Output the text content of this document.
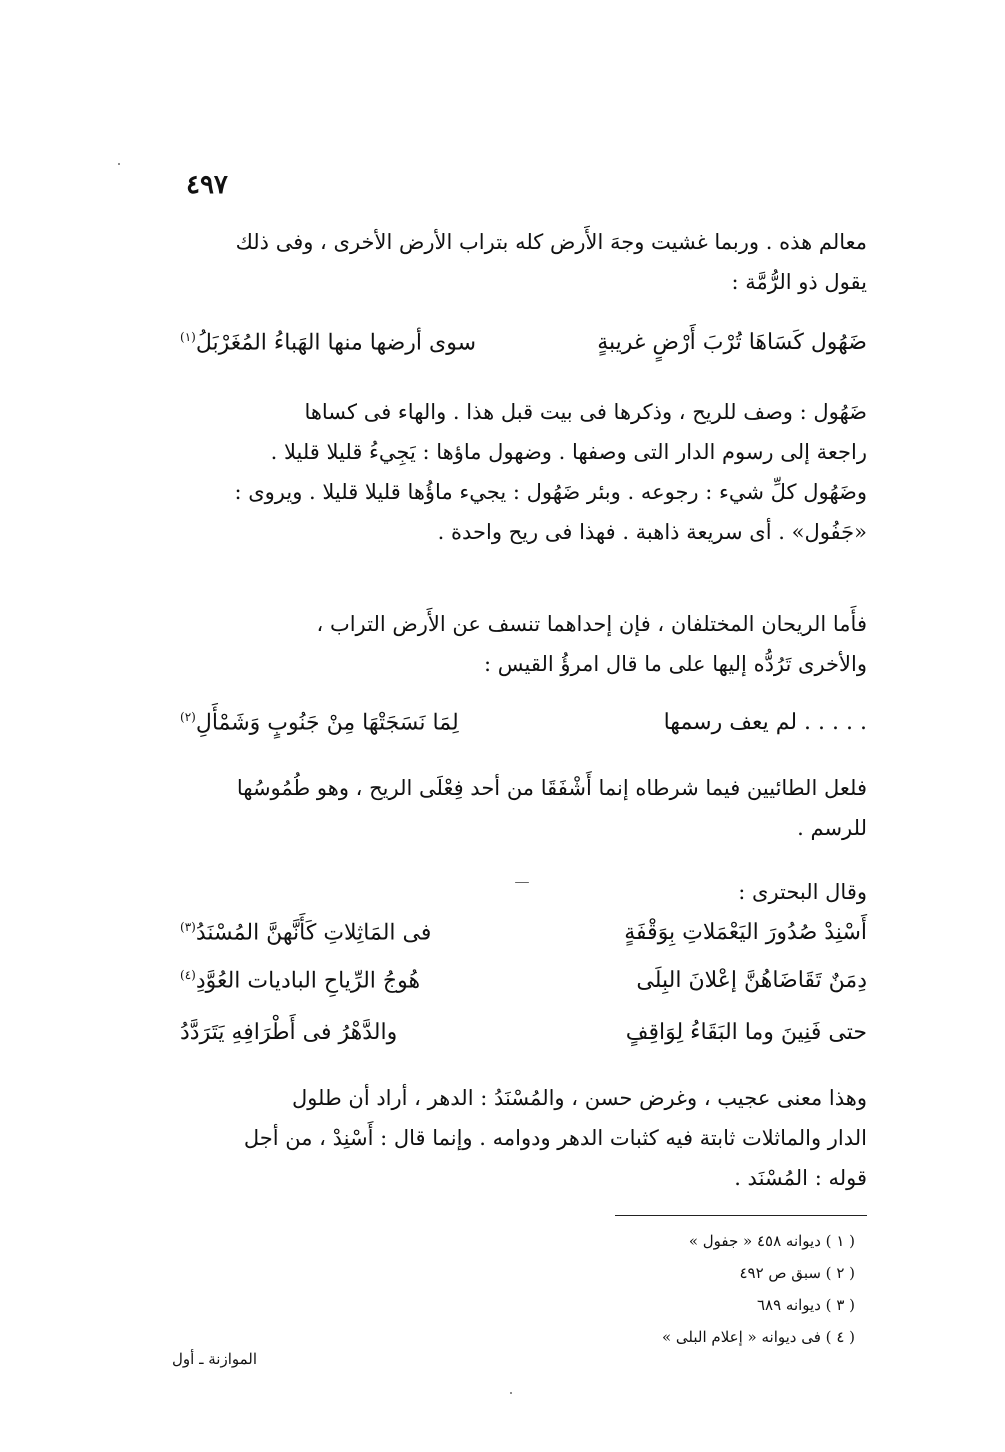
٤٩٧
معالم هذه . وربما غشيت وجهَ الأَرض كله بتراب الأرض الأخرى ، وفى ذلك
يقول ذو الرُّمَّة :
ضَهُول كَسَاهَا تُرْبَ أَرْضٍ غريبةٍ
سوى أرضها منها الهَباءُ المُغَرْبَلُ$^{(١)}$
ضَهُول : وصف للريح ، وذكرها فى بيت قبل هذا . والهاء فى كساها
راجعة إلى رسوم الدار التى وصفها . وضهول ماؤها : يَجِيءُ قليلا قليلا .
وضَهُول كلِّ شيء : رجوعه . وبئر ضَهُول : يجيء ماؤُها قليلا قليلا . ويروى :
«جَفُول» . أى سريعة ذاهبة . فهذا فى ريح واحدة .
فأَما الريحان المختلفان ، فإن إحداهما تنسف عن الأَرض التراب ،
والأخرى تَرُدُّه إليها على ما قال امرؤُ القيس :
. . . . . لم يعف رسمها
لِمَا نَسَجَتْهَا مِنْ جَنُوبٍ وَشَمْأَلِ$^{(٢)}$
فلعل الطائيين فيما شرطاه إنما أَشْفَقَا من أحد فِعْلَى الريح ، وهو طُمُوسُها
للرسم .
وقال البحترى :
أَسْنِدْ صُدُورَ اليَعْمَلاتِ بِوَقْفَةٍ
فى المَاثِلاتِ كَأَنَّهنَّ المُسْنَدُ$^{(٣)}$
دِمَنٌ تَقَاضَاهُنَّ إعْلانَ البِلَى
هُوجُ الرِّياحِ الباديات العُوَّدِ$^{(٤)}$
حتى فَنِينَ وما البَقَاءُ لِوَاقِفٍ
والدَّهْرُ فى أَطْرَافِهِ يَتَرَدَّدُ
وهذا معنى عجيب ، وغرض حسن ، والمُسْنَدُ : الدهر ، أراد أن طلول
الدار والماثلات ثابتة فيه كثبات الدهر ودوامه . وإنما قال : أَسْنِدْ ، من أجل
قوله : المُسْنَد .
( ١ ) ديوانه ٤٥٨ « جفول »
( ٢ ) سبق ص ٤٩٢
( ٣ ) ديوانه ٦٨٩
( ٤ ) فى ديوانه « إعلام البلى »
الموازنة ـ أول
